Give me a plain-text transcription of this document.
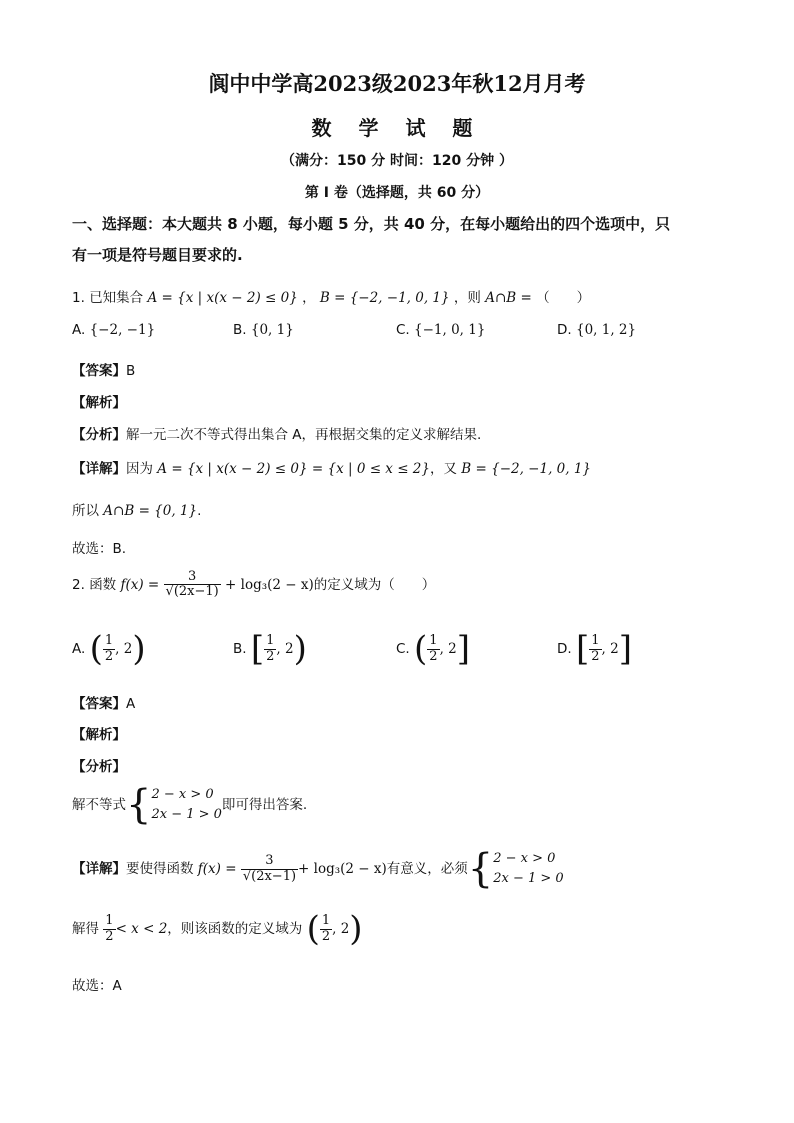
阆中中学高2023级2023年秋12月月考
数 学 试 题
（满分：150 分 时间：120 分钟 ）
第 I 卷（选择题，共 60 分）
一、选择题：本大题共 8 小题，每小题 5 分，共 40 分，在每小题给出的四个选项中，只
有一项是符号题目要求的.
1. 已知集合 A = {x | x(x − 2) ≤ 0} ， B = {−2, −1, 0, 1} ，则 A∩B = （　　）
A. {−2, −1}	B. {0, 1}	C. {−1, 0, 1}	D. {0, 1, 2}
【答案】B
【解析】
【分析】解一元二次不等式得出集合 A，再根据交集的定义求解结果.
【详解】因为 A = {x | x(x − 2) ≤ 0} = {x | 0 ≤ x ≤ 2}，又 B = {−2, −1, 0, 1}
所以 A∩B = {0, 1}.
故选：B.
2. 函数 $f(x) = \frac{3}{√(2x-1)} + \log_3(2 - x)$的定义域为（　　）
A. ( $\frac{1}{2}$ , 2)	B. [ $\frac{1}{2}$ , 2)	C. ( $\frac{1}{2}$ , 2]	D. [ $\frac{1}{2}$ , 2]
【答案】A
【解析】
【分析】
解不等式{ 2 − x > 0
2x − 1 > 0
即可得出答案.
【详解】要使得函数 $f(x) = \frac{3}{√(2x-1)} + \log_3(2 - x)$有意义，必须{ 2 − x > 0
2x − 1 > 0
解得 $\frac{1}{2} < x < 2$，则该函数的定义域为 ( $\frac{1}{2}$ , 2)
故选：A
